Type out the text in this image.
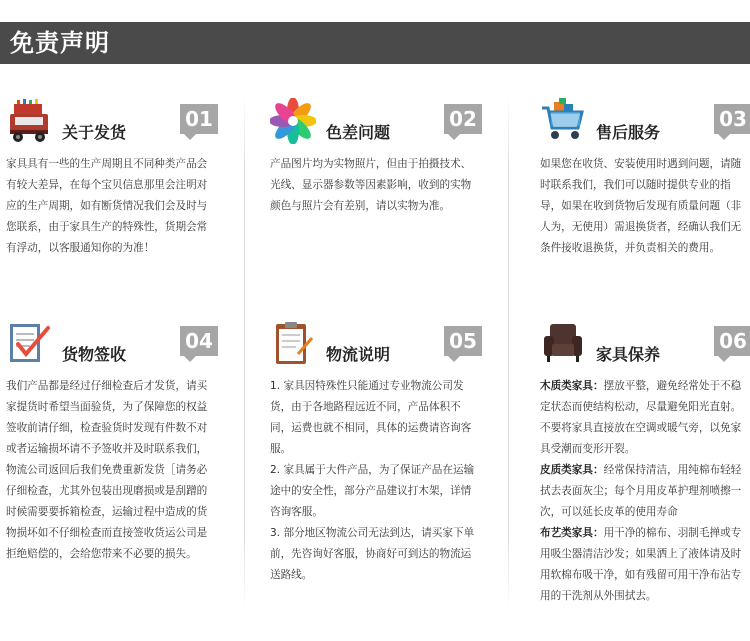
免责声明
关于发货
01
家具具有一些的生产周期且不同种类产品会有较大差异，在每个宝贝信息那里会注明对应的生产周期，如有断货情况我们会及时与您联系，由于家具生产的特殊性，货期会常有浮动，以客服通知你的为准！
色差问题
02
产品图片均为实物照片，但由于拍摄技术、光线、显示器参数等因素影响，收到的实物颜色与照片会有差别，请以实物为准。
售后服务
03
如果您在收货、安装使用时遇到问题，请随时联系我们，我们可以随时提供专业的指导，如果在收到货物后发现有质量问题（非人为，无使用）需退换货者，经确认我们无条件接收退换货，并负责相关的费用。
货物签收
04
我们产品都是经过仔细检查后才发货，请买家提货时希望当面验货，为了保障您的权益签收前请仔细，检查验货时发现有件数不对或者运输损坏请不予签收并及时联系我们，物流公司返回后我们免费重新发货［请务必仔细检查，尤其外包装出现磨损或是刮蹭的时候需要要拆箱检查，运输过程中造成的货物损坏如不仔细检查而直接签收货运公司是拒绝赔偿的，会给您带来不必要的损失。
物流说明
05

1. 家具因特殊性只能通过专业物流公司发货，由于各地路程远近不同，产品体积不同，运费也就不相同，具体的运费请咨询客服。

2. 家具属于大件产品，为了保证产品在运输途中的安全性，部分产品建议打木架，详情咨询客服。

3. 部分地区物流公司无法到达，请买家下单前，先咨询好客服，协商好可到达的物流运送路线。

家具保养
06

木质类家具：摆放平整，避免经常处于不稳定状态而使结构松动，尽量避免阳光直射。不要将家具直接放在空调或暖气旁，以免家具受潮而变形开裂。

皮质类家具：经常保持清洁，用纯棉布轻轻拭去表面灰尘；每个月用皮革护理剂喷擦一次，可以延长皮革的使用寿命

布艺类家具：用干净的棉布、羽制毛掸或专用吸尘器清洁沙发；如果洒上了液体请及时用软棉布吸干净，如有残留可用干净布沾专用的干洗剂从外围拭去。
